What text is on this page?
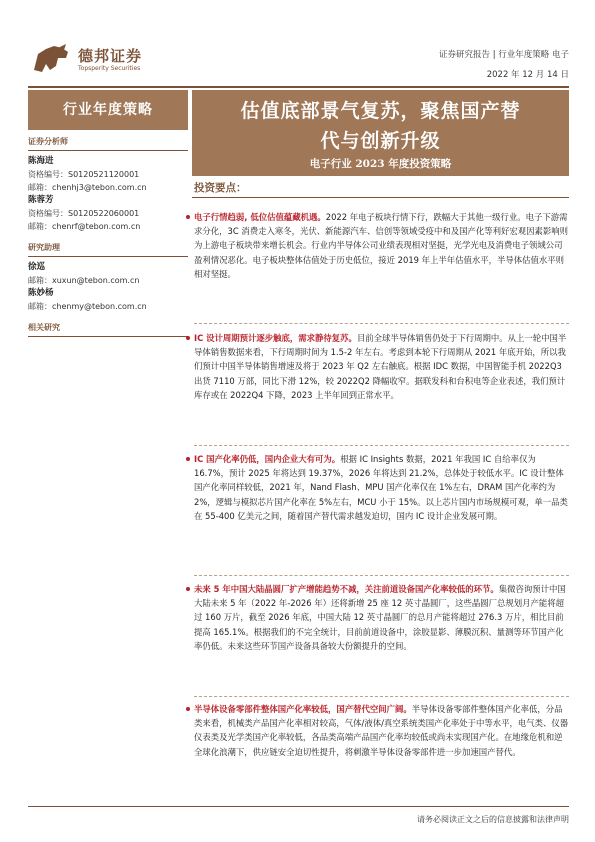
德邦证券
Topsperity Securities
证券研究报告 | 行业年度策略 电子
2022 年 12 月 14 日
行业年度策略	估值底部景气复苏，聚焦国产替
代与创新升级
电子行业 2023 年度投资策略
证券分析师
陈海进
资格编号：S0120521120001
邮箱：chenhj3@tebon.com.cn
陈蓉芳
资格编号：S0120522060001
邮箱：chenrf@tebon.com.cn
研究助理
徐巡
邮箱：xuxun@tebon.com.cn
陈妙杨
邮箱：chenmy@tebon.com.cn
相关研究
投资要点：
电子行情趋弱, 低位估值蕴藏机遇。2022 年电子板块行情下行，跌幅大于其他一级行业。电子下游需求分化，3C 消费走入寒冬，光伏、新能源汽车、信创等领域受疫中和及国产化等利好宏观因素影响则为上游电子板块带来增长机会。行业内半导体公司业绩表现相对坚挺，光学光电及消费电子领域公司盈利情况恶化。电子板块整体估值处于历史低位，接近 2019 年上半年估值水平，半导体估值水平则相对坚挺。
IC 设计周期预计逐步触底，需求静待复苏。目前全球半导体销售仍处于下行周期中。从上一轮中国半导体销售数据来看，下行周期时间为 1.5-2 年左右。考虑到本轮下行周期从 2021 年底开始，所以我们预计中国半导体销售增速及将于 2023 年 Q2 左右触底。根据 IDC 数据，中国智能手机 2022Q3 出货 7110 万部，同比下滑 12%，较 2022Q2 降幅收窄。据联发科和台积电等企业表述，我们预计库存或在 2022Q4 下降，2023 上半年回到正常水平。
IC 国产化率仍低，国内企业大有可为。根据 IC Insights 数据，2021 年我国 IC 自给率仅为 16.7%，预计 2025 年将达到 19.37%，2026 年将达到 21.2%，总体处于较低水平。IC 设计整体国产化率同样较低，2021 年，Nand Flash、MPU 国产化率仅在 1%左右，DRAM 国产化率约为 2%，逻辑与模拟芯片国产化率在 5%左右，MCU 小于 15%。以上芯片国内市场规模可观，单一品类在 55-400 亿美元之间，随着国产替代需求越发迫切，国内 IC 设计企业发展可期。
未来 5 年中国大陆晶圆厂扩产增能趋势不减，关注前道设备国产化率较低的环节。集微咨询预计中国大陆未来 5 年（2022 年-2026 年）还将新增 25 座 12 英寸晶圆厂，这些晶圆厂总规划月产能将超过 160 万片，截至 2026 年底，中国大陆 12 英寸晶圆厂的总月产能将超过 276.3 万片，相比目前提高 165.1%。根据我们的不完全统计，目前前道设备中，涂胶显影、薄膜沉积、量测等环节国产化率仍低。未来这些环节国产设备具备较大份额提升的空间。
半导体设备零部件整体国产化率较低，国产替代空间广阔。半导体设备零部件整体国产化率低，分品类来看，机械类产品国产化率相对较高，气体/液体/真空系统类国产化率处于中等水平，电气类、仪器仪表类及光学类国产化率较低，各品类高端产品国产化率均较低或尚未实现国产化。在地缘危机和逆全球化浪潮下，供应链安全迫切性提升，将刺激半导体设备零部件进一步加速国产替代。
请务必阅读正文之后的信息披露和法律声明
